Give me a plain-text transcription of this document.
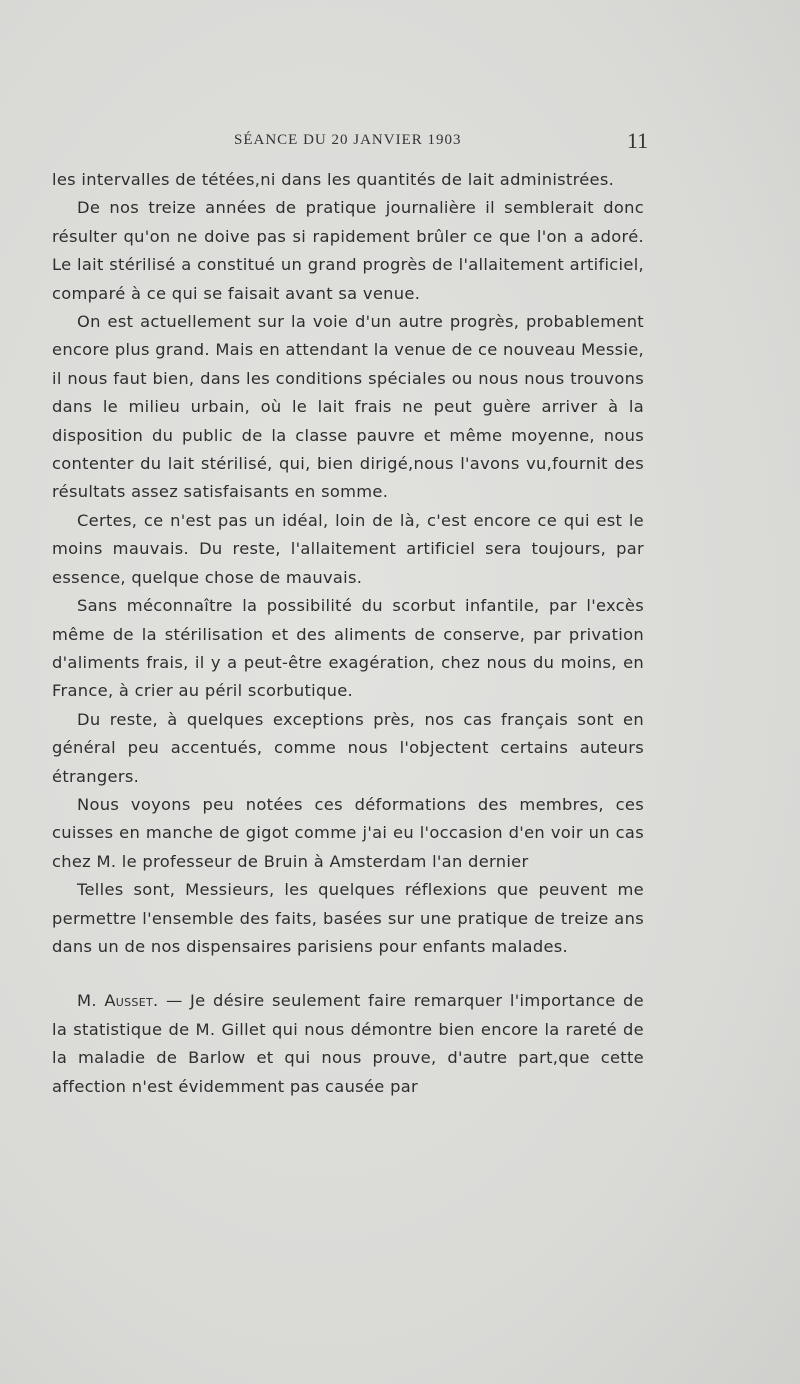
SÉANCE DU 20 JANVIER 1903	11

les intervalles de tétées,ni dans les quantités de lait administrées.

De nos treize années de pratique journalière il semblerait donc résulter qu'on ne doive pas si rapidement brûler ce que l'on a adoré. Le lait stérilisé a constitué un grand progrès de l'allaitement artificiel, comparé à ce qui se faisait avant sa venue.

On est actuellement sur la voie d'un autre progrès, probablement encore plus grand. Mais en attendant la venue de ce nouveau Messie, il nous faut bien, dans les conditions spéciales ou nous nous trouvons dans le milieu urbain, où le lait frais ne peut guère arriver à la disposition du public de la classe pauvre et même moyenne, nous contenter du lait stérilisé, qui, bien dirigé,nous l'avons vu,fournit des résultats assez satisfaisants en somme.

Certes, ce n'est pas un idéal, loin de là, c'est encore ce qui est le moins mauvais. Du reste, l'allaitement artificiel sera toujours, par essence, quelque chose de mauvais.

Sans méconnaître la possibilité du scorbut infantile, par l'excès même de la stérilisation et des aliments de conserve, par privation d'aliments frais, il y a peut-être exagération, chez nous du moins, en France, à crier au péril scorbutique.

Du reste, à quelques exceptions près, nos cas français sont en général peu accentués, comme nous l'objectent certains auteurs étrangers.

Nous voyons peu notées ces déformations des membres, ces cuisses en manche de gigot comme j'ai eu l'occasion d'en voir un cas chez M. le professeur de Bruin à Amsterdam l'an dernier

Telles sont, Messieurs, les quelques réflexions que peuvent me permettre l'ensemble des faits, basées sur une pratique de treize ans dans un de nos dispensaires parisiens pour enfants malades.

M. Ausset. — Je désire seulement faire remarquer l'importance de la statistique de M. Gillet qui nous démontre bien encore la rareté de la maladie de Barlow et qui nous prouve, d'autre part,que cette affection n'est évidemment pas causée par
